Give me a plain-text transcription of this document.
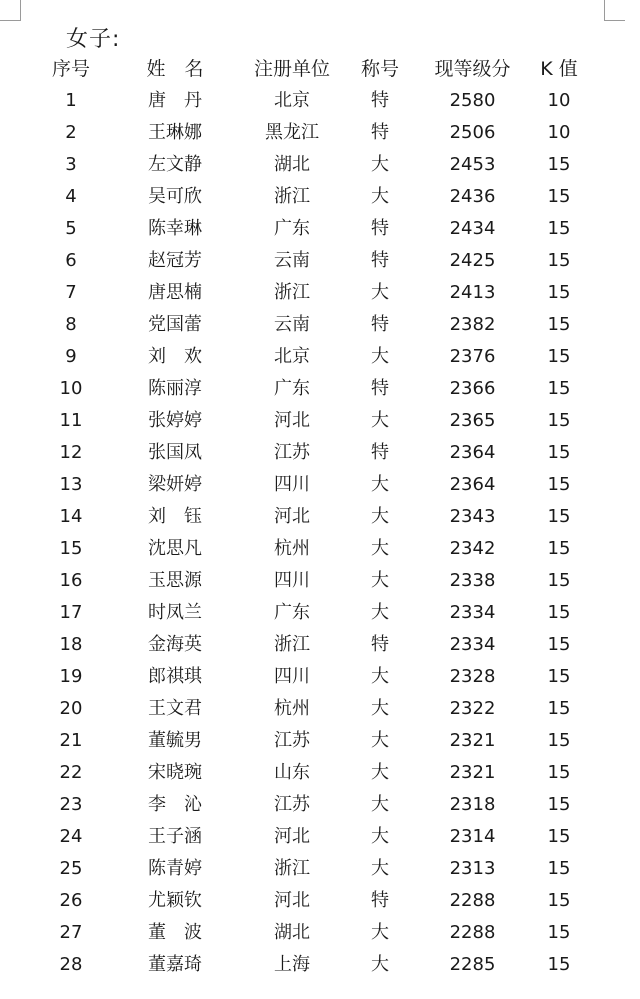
女子:
序号	姓　名	注册单位	称号	现等级分	K 值
1	唐　丹	北京	特	2580	10
2	王琳娜	黑龙江	特	2506	10
3	左文静	湖北	大	2453	15
4	吴可欣	浙江	大	2436	15
5	陈幸琳	广东	特	2434	15
6	赵冠芳	云南	特	2425	15
7	唐思楠	浙江	大	2413	15
8	党国蕾	云南	特	2382	15
9	刘　欢	北京	大	2376	15
10	陈丽淳	广东	特	2366	15
11	张婷婷	河北	大	2365	15
12	张国凤	江苏	特	2364	15
13	梁妍婷	四川	大	2364	15
14	刘　钰	河北	大	2343	15
15	沈思凡	杭州	大	2342	15
16	玉思源	四川	大	2338	15
17	时凤兰	广东	大	2334	15
18	金海英	浙江	特	2334	15
19	郎祺琪	四川	大	2328	15
20	王文君	杭州	大	2322	15
21	董毓男	江苏	大	2321	15
22	宋晓琬	山东	大	2321	15
23	李　沁	江苏	大	2318	15
24	王子涵	河北	大	2314	15
25	陈青婷	浙江	大	2313	15
26	尤颖钦	河北	特	2288	15
27	董　波	湖北	大	2288	15
28	董嘉琦	上海	大	2285	15
